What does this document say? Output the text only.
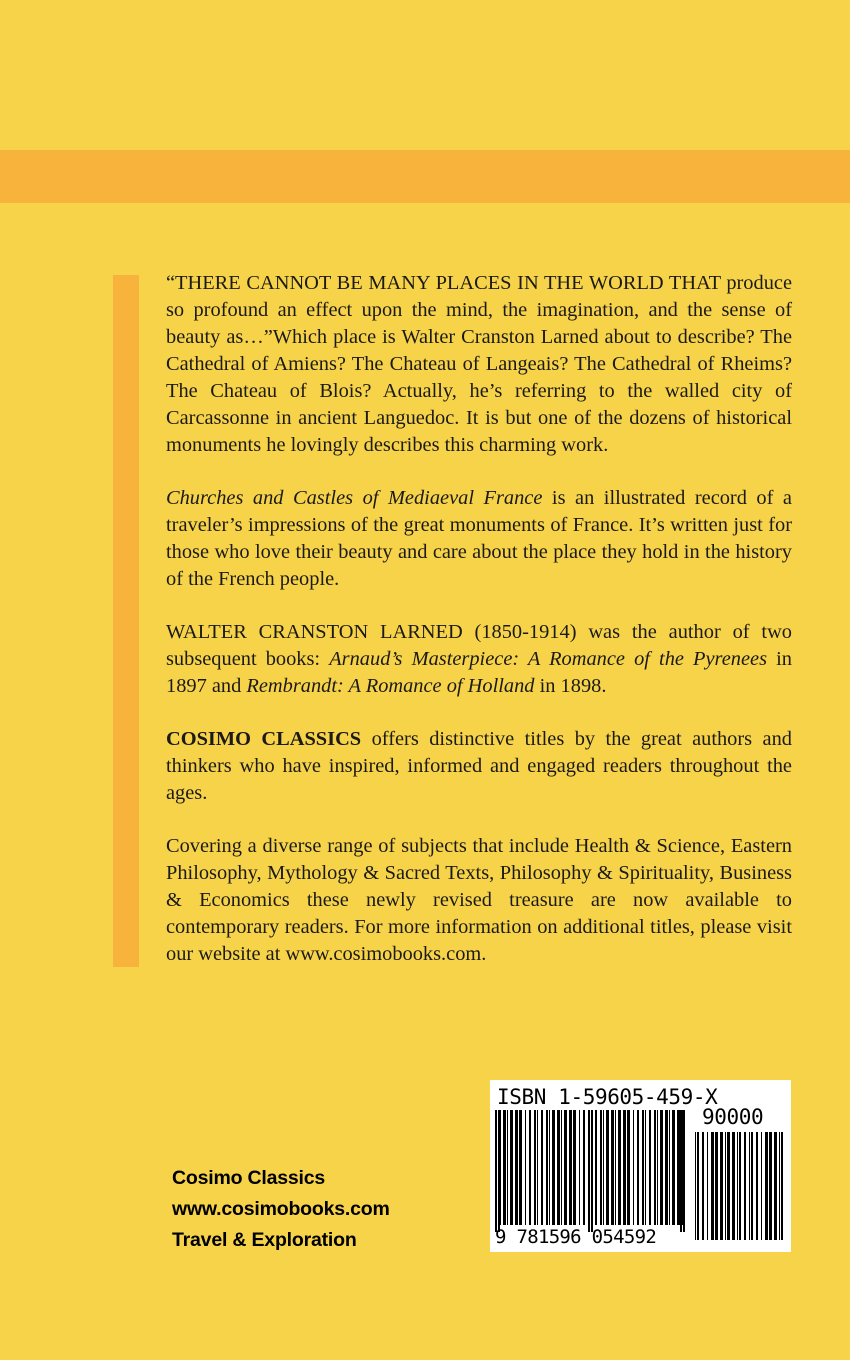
“THERE CANNOT BE MANY PLACES IN THE WORLD THAT produce so profound an effect upon the mind, the imagination, and the sense of beauty as…”Which place is Walter Cranston Larned about to describe? The Cathedral of Amiens? The Chateau of Langeais? The Cathedral of Rheims? The Chateau of Blois? Actually, he’s referring to the walled city of Carcassonne in ancient Languedoc. It is but one of the dozens of historical monuments he lovingly describes this charming work.

Churches and Castles of Mediaeval France is an illustrated record of a traveler’s impressions of the great monuments of France. It’s written just for those who love their beauty and care about the place they hold in the history of the French people.

WALTER CRANSTON LARNED (1850-1914) was the author of two subsequent books: Arnaud’s Masterpiece: A Romance of the Pyrenees in 1897 and Rembrandt: A Romance of Holland in 1898.

COSIMO CLASSICS offers distinctive titles by the great authors and thinkers who have inspired, informed and engaged readers throughout the ages.

Covering a diverse range of subjects that include Health & Science, Eastern Philosophy, Mythology & Sacred Texts, Philosophy & Spirituality, Business & Economics these newly revised treasure are now available to contemporary readers. For more information on additional titles, please visit our website at www.cosimobooks.com.

Cosimo Classics
www.cosimobooks.com
Travel & Exploration
ISBN 1-59605-459-X
90000
9 781596 054592
